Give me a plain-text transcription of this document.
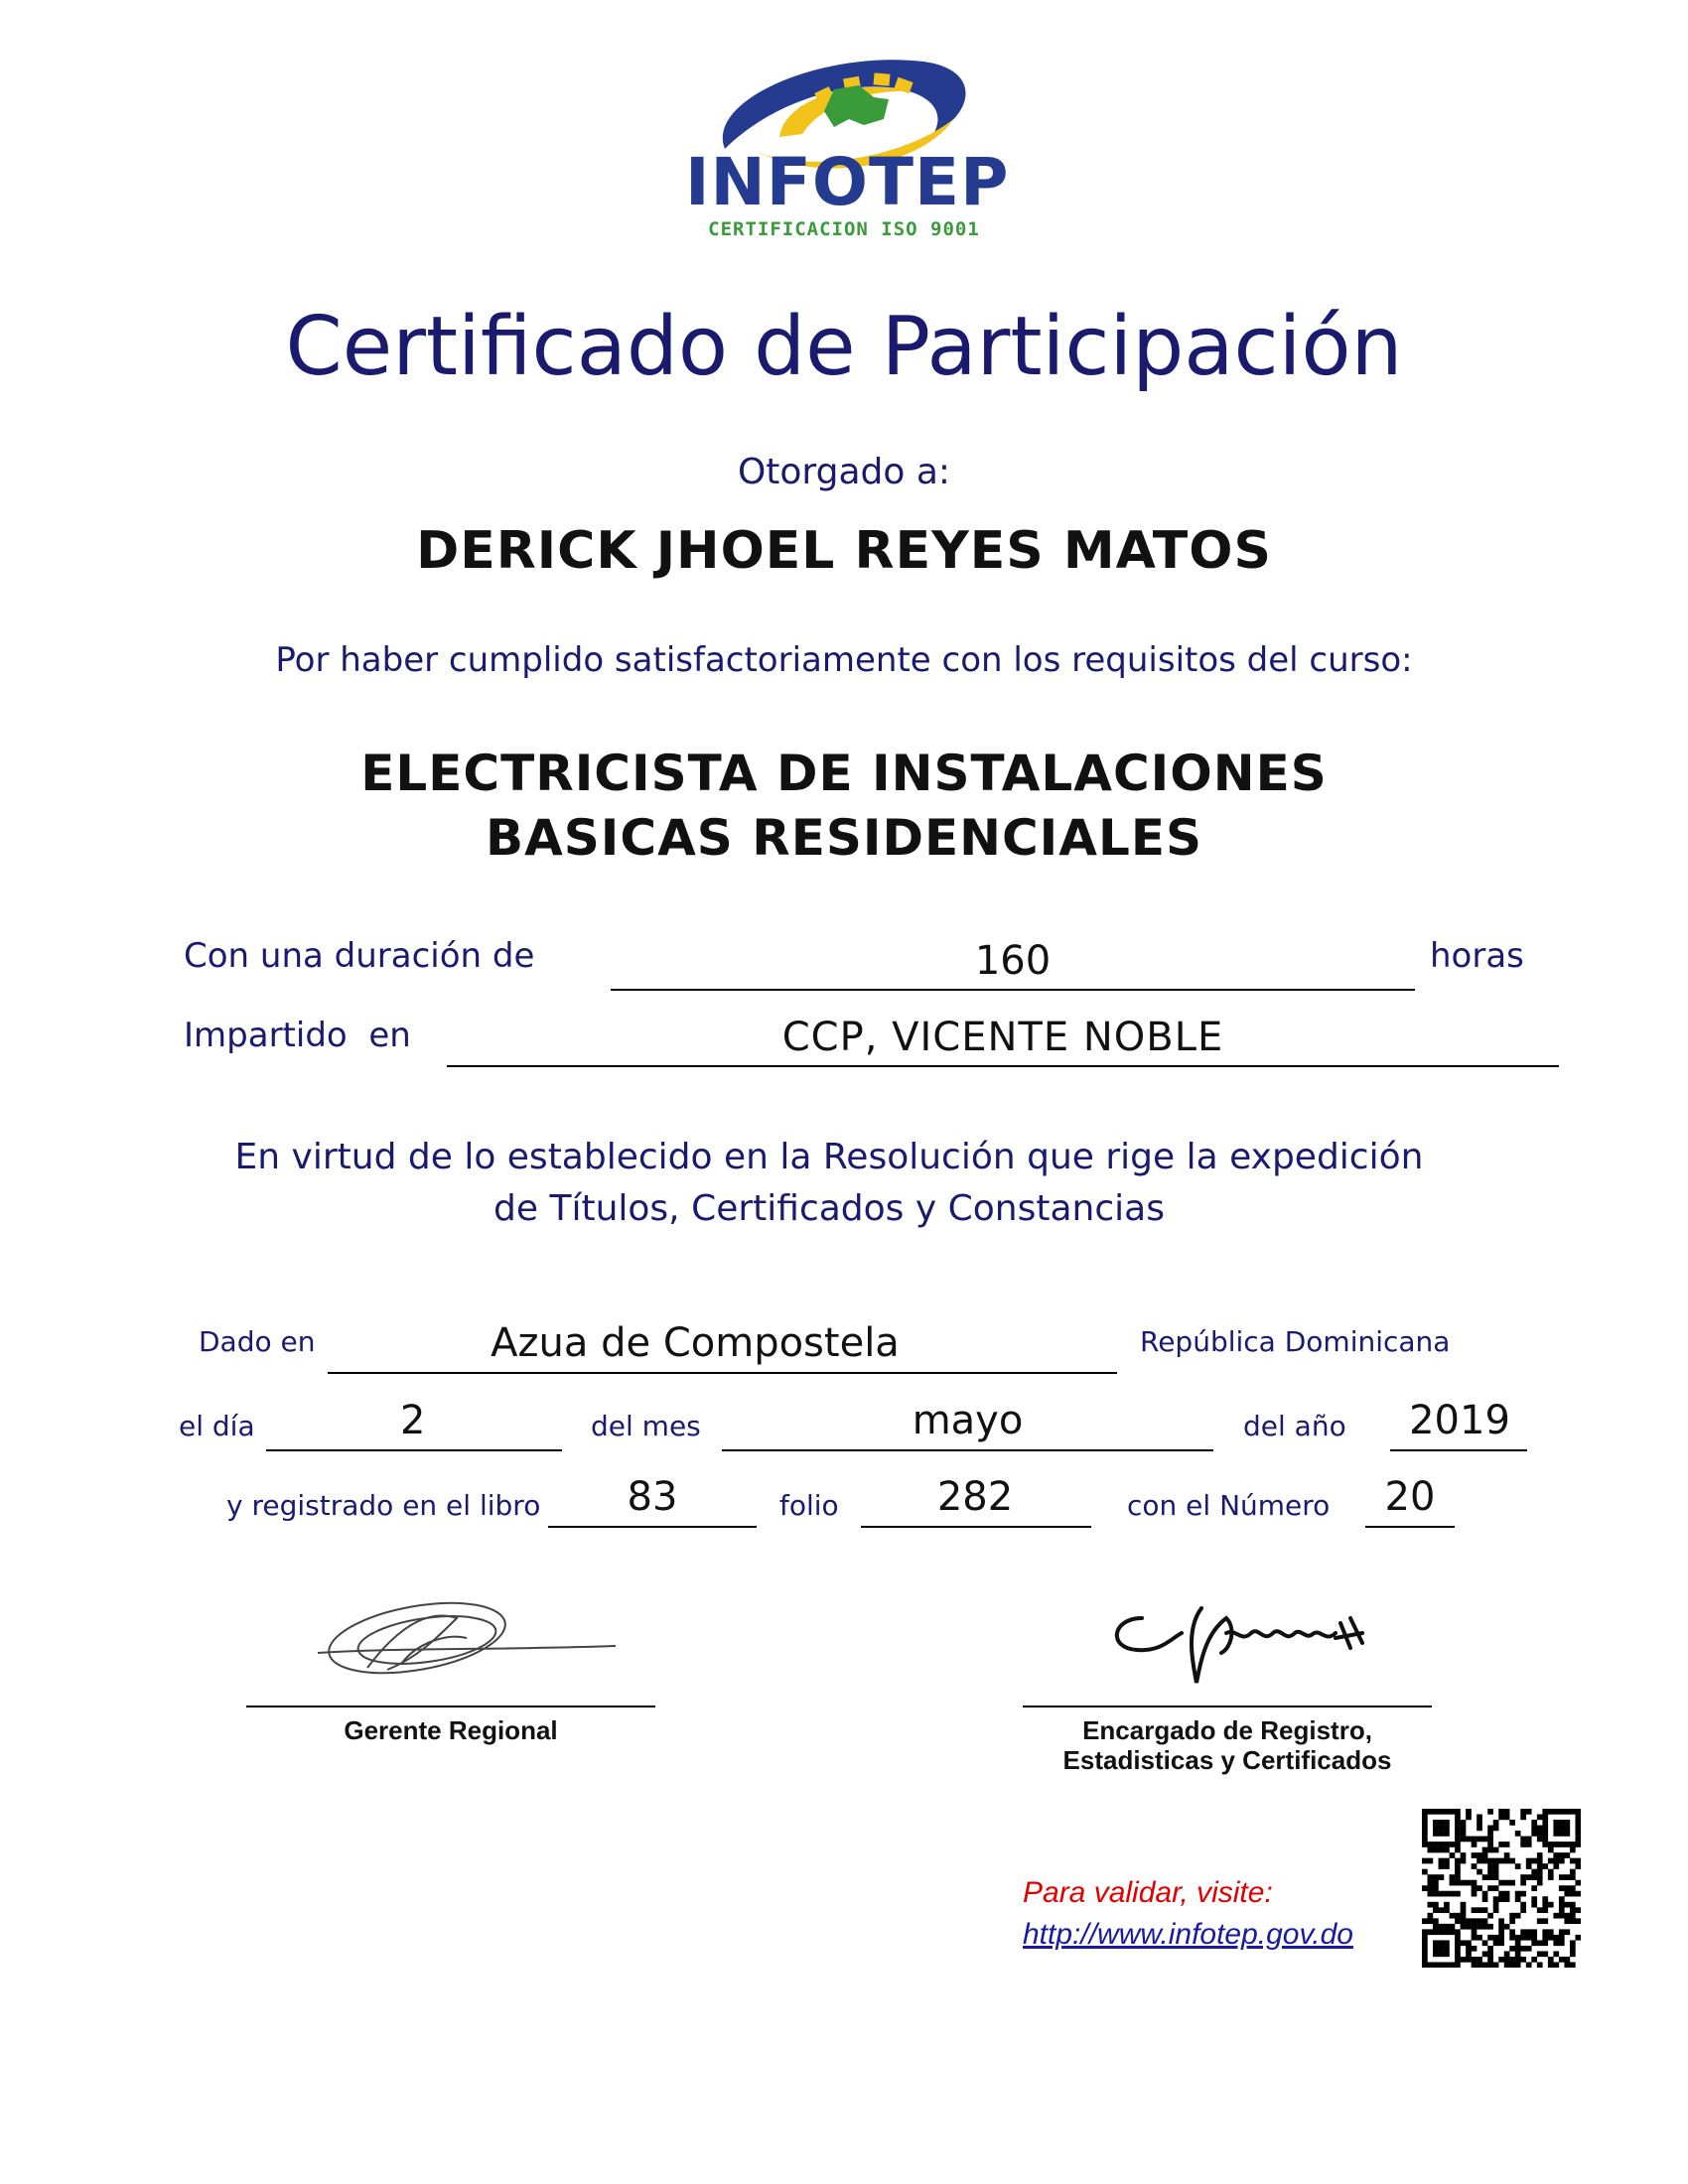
INFOTEP
CERTIFICACION ISO 9001
Certificado de Participación
Otorgado a:
DERICK JHOEL REYES MATOS
Por haber cumplido satisfactoriamente con los requisitos del curso:
ELECTRICISTA DE INSTALACIONES
BASICAS RESIDENCIALES
Con una duración de	160	horas
Impartido  en	CCP, VICENTE NOBLE
En virtud de lo establecido en la Resolución que rige la expedición
de Títulos, Certificados y Constancias
Dado en	Azua de Compostela	República Dominicana
el día	2	del mes	mayo	del año	2019
y registrado en el libro	83	folio	282	con el Número	20
Gerente Regional	Encargado de Registro,
Estadisticas y Certificados
Para validar, visite:
http://www.infotep.gov.do
